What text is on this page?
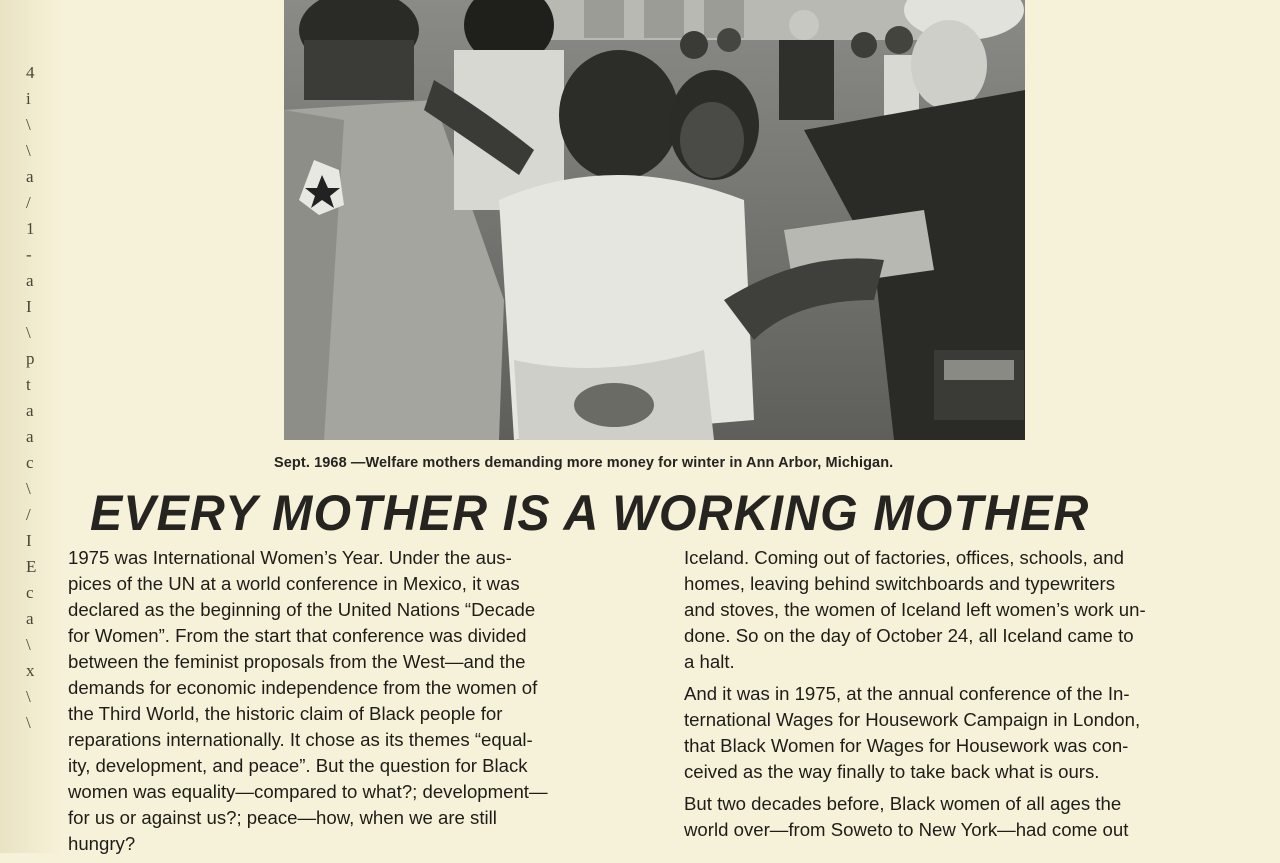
4
i
\
\
a
/
1
-
a
I
\
p
t
a
a
c
\
/
I
E
c
a
\
x
\
\
Sept. 1968 —Welfare mothers demanding more money for winter in Ann Arbor, Michigan.
EVERY MOTHER IS A WORKING MOTHER

1975 was International Women’s Year. Under the aus-
pices of the UN at a world conference in Mexico, it was
declared as the beginning of the United Nations “Decade
for Women”. From the start that conference was divided
between the feminist proposals from the West—and the
demands for economic independence from the women of
the Third World, the historic claim of Black people for
reparations internationally. It chose as its themes “equal-
ity, development, and peace”. But the question for Black
women was equality—compared to what?; development—
for us or against us?; peace—how, when we are still
hungry?

Iceland. Coming out of factories, offices, schools, and
homes, leaving behind switchboards and typewriters
and stoves, the women of Iceland left women’s work un-
done. So on the day of October 24, all Iceland came to
a halt.

And it was in 1975, at the annual conference of the In-
ternational Wages for Housework Campaign in London,
that Black Women for Wages for Housework was con-
ceived as the way finally to take back what is ours.

But two decades before, Black women of all ages the
world over—from Soweto to New York—had come out
